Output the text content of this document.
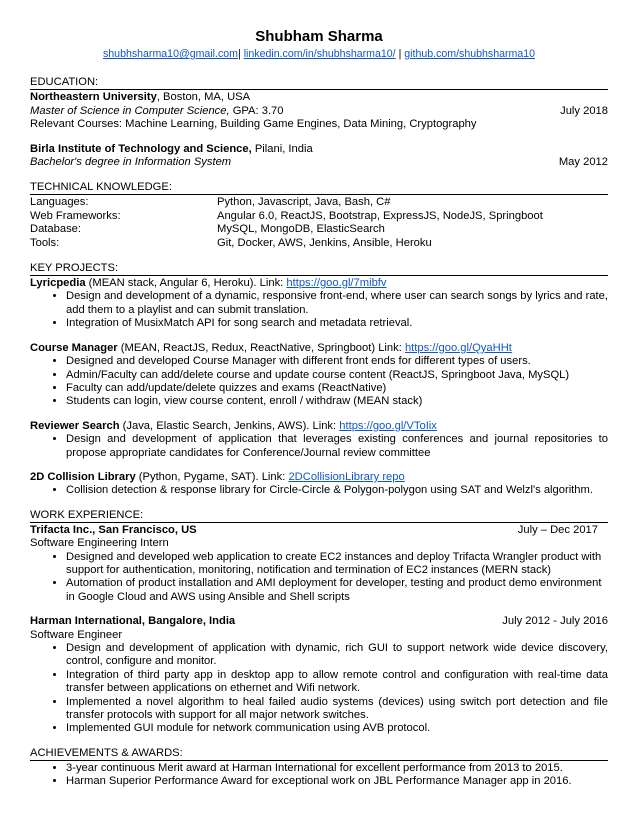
Shubham Sharma
shubhsharma10@gmail.com| linkedin.com/in/shubhsharma10/ | github.com/shubhsharma10
EDUCATION:
Northeastern University, Boston, MA, USA
Master of Science in Computer Science, GPA: 3.70	July 2018
Relevant Courses: Machine Learning, Building Game Engines, Data Mining, Cryptography
Birla Institute of Technology and Science, Pilani, India
Bachelor's degree in Information System	May 2012
TECHNICAL KNOWLEDGE:
Languages:	Python, Javascript, Java, Bash, C#
Web Frameworks:	Angular 6.0, ReactJS, Bootstrap, ExpressJS, NodeJS, Springboot
Database:	MySQL, MongoDB, ElasticSearch
Tools:	Git, Docker, AWS, Jenkins, Ansible, Heroku
KEY PROJECTS:
Lyricpedia (MEAN stack, Angular 6, Heroku). Link: https://goo.gl/7mibfv
• Design and development of a dynamic, responsive front-end, where user can search songs by lyrics and rate, add them to a playlist and can submit translation.
• Integration of MusixMatch API for song search and metadata retrieval.
Course Manager (MEAN, ReactJS, Redux, ReactNative, Springboot) Link: https://goo.gl/QyaHHt
• Designed and developed Course Manager with different front ends for different types of users.
• Admin/Faculty can add/delete course and update course content (ReactJS, Springboot Java, MySQL)
• Faculty can add/update/delete quizzes and exams (ReactNative)
• Students can login, view course content, enroll / withdraw (MEAN stack)
Reviewer Search (Java, Elastic Search, Jenkins, AWS). Link: https://goo.gl/VToIix
• Design and development of application that leverages existing conferences and journal repositories to propose appropriate candidates for Conference/Journal review committee
2D Collision Library (Python, Pygame, SAT). Link: 2DCollisionLibrary repo
• Collision detection & response library for Circle-Circle & Polygon-polygon using SAT and Welzl's algorithm.
WORK EXPERIENCE:
Trifacta Inc., San Francisco, US	July – Dec 2017
Software Engineering Intern
• Designed and developed web application to create EC2 instances and deploy Trifacta Wrangler product with support for authentication, monitoring, notification and termination of EC2 instances (MERN stack)
• Automation of product installation and AMI deployment for developer, testing and product demo environment in Google Cloud and AWS using Ansible and Shell scripts
Harman International, Bangalore, India	July 2012 - July 2016
Software Engineer
• Design and development of application with dynamic, rich GUI to support network wide device discovery, control, configure and monitor.
• Integration of third party app in desktop app to allow remote control and configuration with real-time data transfer between applications on ethernet and Wifi network.
• Implemented a novel algorithm to heal failed audio systems (devices) using switch port detection and file transfer protocols with support for all major network switches.
• Implemented GUI module for network communication using AVB protocol.
ACHIEVEMENTS & AWARDS:
• 3-year continuous Merit award at Harman International for excellent performance from 2013 to 2015.
• Harman Superior Performance Award for exceptional work on JBL Performance Manager app in 2016.
